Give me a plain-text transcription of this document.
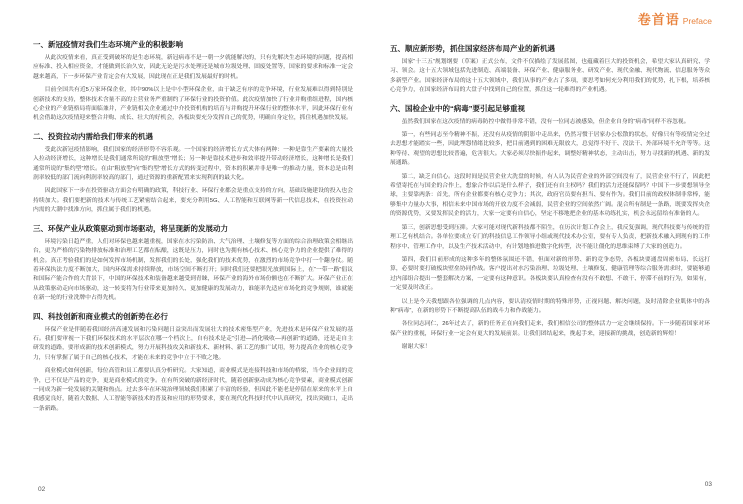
卷首语 Preface
一、新冠疫情对我们生态环境产业的积极影响

从此次疫情来看，真正受到破坏的是生态环境，新冠病毒不是一朝一夕就能解决的，只有先解决生态环境的问题，提高相应标准、投入相应资金，才能做到长治久安，因此无论是污水处理还是城市垃圾处理、固废处置等，国家的要求和标准一定会越来越高，下一步环保产业肯定会有大发展，因此现在正是我们发展最好的时机。

目前全国共有近5万家环保企业，其中90%以上是中小型环保企业，由于缺乏有序的竞争环境，行业发展难以得到特别是创新技术的支持，整体技术含量不高的主营业务严重制约了环保行业的投资价值。此次疫情加快了行业并购重组进程，国内核心企业的产业链格局将面临兼并，产业链相关企业通过中介投资机构的培育与并购提升环保行业的整体水平，因此环保行业有机会借助这次疫情迎来整合并购、成长、壮大的好机会，各板块要充分发挥自己的优势，明确自身定位，抓住机遇加快发展。

二、投资拉动内需给我们带来的机遇

受此次新冠疫情影响，我们国家的经济形势不容乐观。一个国家的经济增长方式大体有两种：一种是靠生产要素的大量投入拉动经济增长，这种增长是我们通常所说的“粗放型”增长；另一种是靠技术进步和效率提升带动经济增长，这种增长是我们通常所说的“集约型”增长。在由“粗放型”向“集约型”增长方式的转变过程中，资本的积累并非是唯一的推动力量，资本总是由利润率较低的部门流向利润率较高的部门，通过资源的重新配置来实现利润的最大化。

因此国家下一步在投资驱动方面会有明确的政策，科技行业、环保行业都会是重点支持的方向，基础设施建设的投入也会持续加大。我们要把新的技术与传统工艺紧密结合起来，要充分利用5G、人工智能和互联网等新一代信息技术，在投资拉动内需的大潮中找准方向，抓住属于我们的机遇。

三、环保产业从政策驱动到市场驱动，将呈现新的发展动力

环境污染日趋严重，人们对环保也越来越重视，国家在水污染防治、大气治理、土壤修复等方面的综合治理政策会相继出台，更为严格的污染物排放标准和治理工艺都在酝酿，这既是压力，同时也为拥有核心技术、核心竞争力的企业提供了难得的机会。真正考验我们的是如何发挥市场机制，发挥我们的长处，强化我们的技术优势，在激烈的市场竞争中打一个翻身仗。随着环保执法力度不断加大，国内环保需求持续释放，市场空间不断打开；同时我们还要把眼光放到国际上，在“一带一路”倡议和国际产能合作的大背景下，中国的环保技术和装备越来越受到青睐，环保产业的海外市场份额也在不断扩大。环保产业正在从政策驱动走向市场驱动，这一转变将为行业带来更加持久、更加健康的发展动力，谁能率先适应市场化的竞争规则，谁就能在新一轮的行业洗牌中占得先机。

四、科技创新和商业模式的创新势在必行

环保产业是伴随着我国经济高速发展和污染问题日益突出而发展壮大的技术密集型产业，先进技术是环保产业发展的基石。我们要审视一下我们环保技术的水平层次在哪一个档次上，自有技术是走“引进—消化吸收—再创新”的道路，还是走自主研发的道路，要形成新的技术创新模式，努力开展科技攻关和新技术、新材料、新工艺的推广试用，努力提高企业的核心竞争力，只有掌握了属于自己的核心技术，才能在未来的竞争中立于不败之地。

商业模式如何创新，每位高管和员工都要认真分析研究。大家知道，商业模式是连接科技和市场的桥梁，当今企业间的竞争，已不仅是产品的竞争，更是商业模式的竞争。在有所突破的新经济时代，随着创新驱动成为核心竞争要素，商业模式创新一同成为新一轮发展的关键和热点。过去多年在环境治理领域我们积累了丰富的经验，但因此不能老是停留在原来的水平上自我感觉良好，随着大数据、人工智能等新技术的普及和应用的形势要求，要在现代化科技时代中认真研究，找出突破口，走出一条新路。

五、顺应新形势，抓住国家经济布局产业的新机遇

国家“十三五”规划纲要（草案）正式公布，文件不仅描绘了发展蓝图，也蕴藏着巨大的投资机会，希望大家认真研究、学习、领会。这十五大领域包括先进制造、高端装备、环保产业、健康服务业、研发产业、现代金融、现代物流、信息服务等众多新型产业。国家经济布局的这十五大领域中，我们从事的产业占了多项，要思考如何充分利用我们的优势，扎下根，培养核心竞争力，在国家经济布局的大盘子中找到自己的位置，抓住这一轮难得的产业机遇。

六、国检企业中的“病毒”要引起足够重视

虽然我们国家在这次疫情的病毒防控中做得非常不错，没有一位同志被感染，但企业自身的“病毒”同样不容忽视。

第一，有些同志至今精神不振，还没有从疫情的阴影中走出来，仍然习惯于居家办公松散的状态，好像只有等疫情完全过去思想才能踏实一些，因此埋怨情绪比较多，把目前遇到的困难无限放大，总觉得不好干、没法干、外部环境不允许等等。这种等待、观望的思想比较普遍，危害很大。大家必须尽快振作起来，调整好精神状态，主动出击，努力寻找新的机遇、新的发展通路。

第二，缺乏自信心。这段时间是民营企业大洗盘的时候，有人认为民营企业的外部空间没有了，民营企业不行了，因此把希望寄托在与国企的合作上，想象合作以后是什么样子，我们还有自主权吗？我们的活力还能保留吗？中国下一步要想领导全球，主要靠两条：首先，所有企业都要有核心竞争力；其次，政府官员要有担当、要有作为。我们目前的政权体制非常棒，能够集中力量办大事，相信未来中国市场的开放力度不会减弱，民营企业的空间依然广阔。混合所有制是一条路，既要发挥央企的资源优势，又要发挥民企的活力，大家一定要有自信心，坚定不移地把企业的基本功练扎实，机会永远留给有准备的人。

第三，创新思想受到压抑。大家可能对现代新科技都不陌生，在历次计划工作会上，我反复强调，现代科技要与传统的管理工艺有机结合。各单位要成立专门的科技信息工作领导小组或现代技术办公室，要有专人负责，把新技术融入到现有的工作程序中、管理工作中，以及生产技术活动中，有计划地推进数字化转型，决不能让僵化的思维束缚了大家的创造力。

第四，我们目前形成的这种多年的整体氛围还不错，但面对新的形势、新的竞争态势，各板块要通盘周密布局、长远打算，必要时要打破板块壁垒协同作战。客户提出对水污染治理、垃圾处理、土壤修复、健康管理等综合服务需求时，要能够通过内部组合提出一整套解决方案，一定要有这种意识。各板块要认真检查有没有不敢想、不敢干、停滞不前的行为，如果有，一定要及时改正。

以上是今天我想跟各位强调的几点内容，要认清疫情时期的特殊形势，正视问题、解决问题，及时清除企业肌体中的各种“病毒”，在新的形势下不断提高队伍的战斗力和作战能力。

各位同志同仁，26年过去了，新的任务正在向我们走来，我们相信公司的整体活力一定会继续保持。下一步随着国家对环保产业的重视，环保行业一定会有更大的发展前景。让我们团结起来，挽起手来，迎接新的挑战，创造新的辉煌！

谢谢大家！

02
03
